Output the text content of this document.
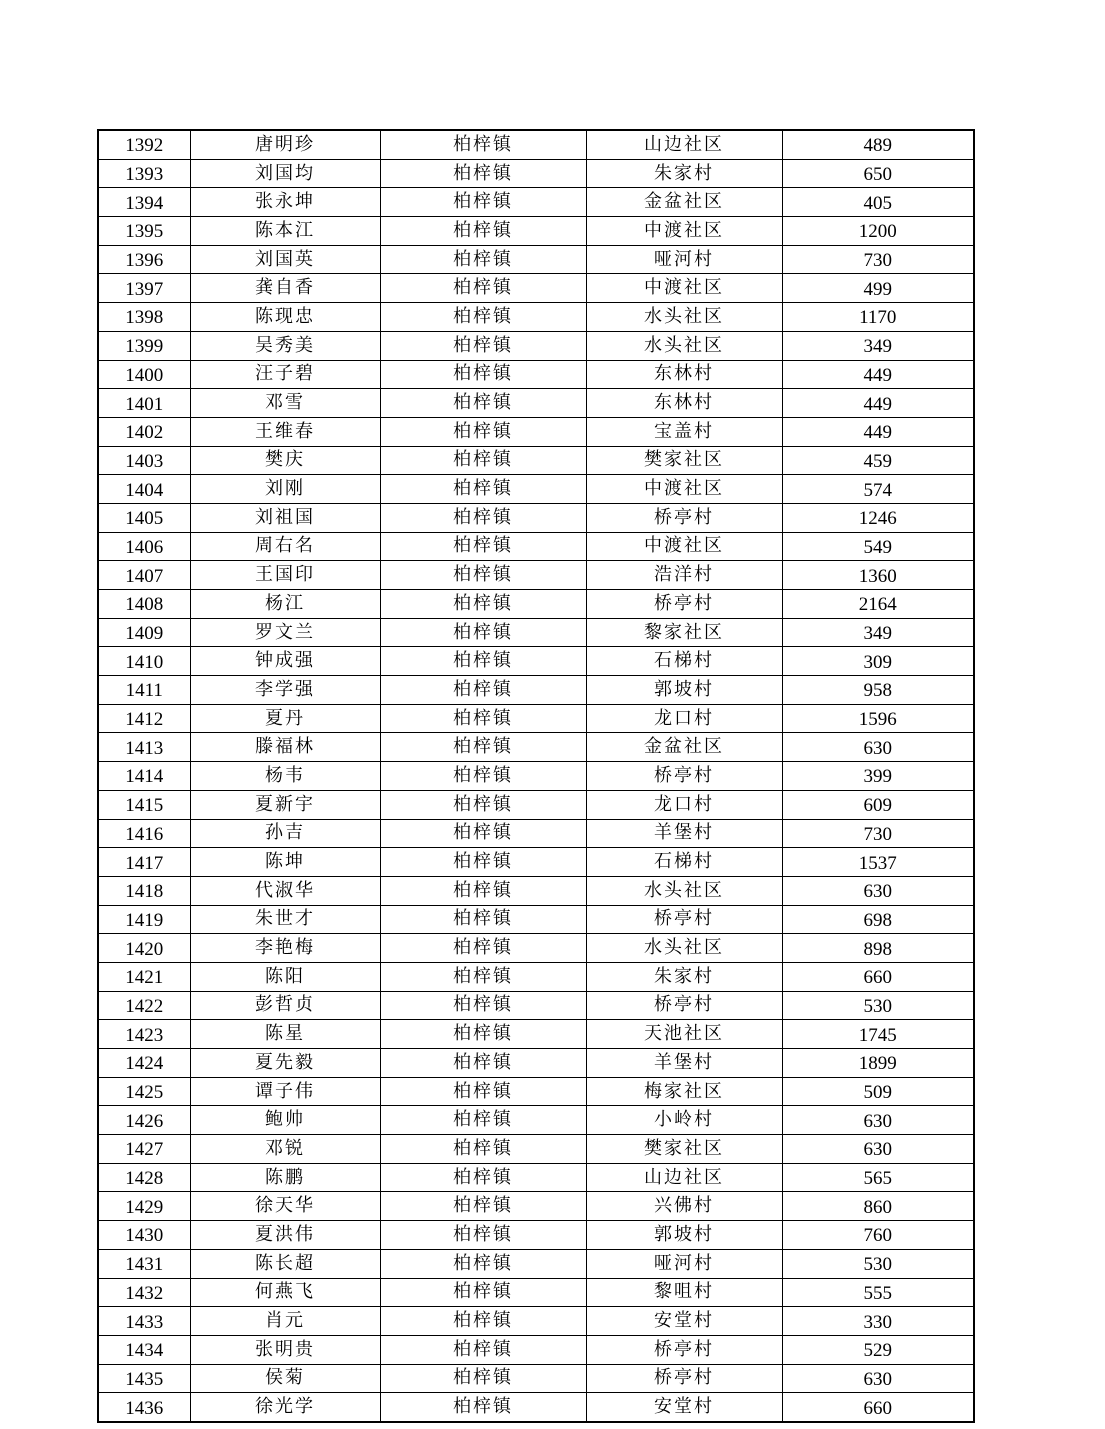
1392	唐明珍	柏梓镇	山边社区	489
1393	刘国均	柏梓镇	朱家村	650
1394	张永坤	柏梓镇	金盆社区	405
1395	陈本江	柏梓镇	中渡社区	1200
1396	刘国英	柏梓镇	哑河村	730
1397	龚自香	柏梓镇	中渡社区	499
1398	陈现忠	柏梓镇	水头社区	1170
1399	吴秀美	柏梓镇	水头社区	349
1400	汪子碧	柏梓镇	东林村	449
1401	邓雪	柏梓镇	东林村	449
1402	王维春	柏梓镇	宝盖村	449
1403	樊庆	柏梓镇	樊家社区	459
1404	刘刚	柏梓镇	中渡社区	574
1405	刘祖国	柏梓镇	桥亭村	1246
1406	周右名	柏梓镇	中渡社区	549
1407	王国印	柏梓镇	浩洋村	1360
1408	杨江	柏梓镇	桥亭村	2164
1409	罗文兰	柏梓镇	黎家社区	349
1410	钟成强	柏梓镇	石梯村	309
1411	李学强	柏梓镇	郭坡村	958
1412	夏丹	柏梓镇	龙口村	1596
1413	滕福林	柏梓镇	金盆社区	630
1414	杨韦	柏梓镇	桥亭村	399
1415	夏新宇	柏梓镇	龙口村	609
1416	孙吉	柏梓镇	羊堡村	730
1417	陈坤	柏梓镇	石梯村	1537
1418	代淑华	柏梓镇	水头社区	630
1419	朱世才	柏梓镇	桥亭村	698
1420	李艳梅	柏梓镇	水头社区	898
1421	陈阳	柏梓镇	朱家村	660
1422	彭哲贞	柏梓镇	桥亭村	530
1423	陈星	柏梓镇	天池社区	1745
1424	夏先毅	柏梓镇	羊堡村	1899
1425	谭子伟	柏梓镇	梅家社区	509
1426	鲍帅	柏梓镇	小岭村	630
1427	邓锐	柏梓镇	樊家社区	630
1428	陈鹏	柏梓镇	山边社区	565
1429	徐天华	柏梓镇	兴佛村	860
1430	夏洪伟	柏梓镇	郭坡村	760
1431	陈长超	柏梓镇	哑河村	530
1432	何燕飞	柏梓镇	黎咀村	555
1433	肖元	柏梓镇	安堂村	330
1434	张明贵	柏梓镇	桥亭村	529
1435	侯菊	柏梓镇	桥亭村	630
1436	徐光学	柏梓镇	安堂村	660
